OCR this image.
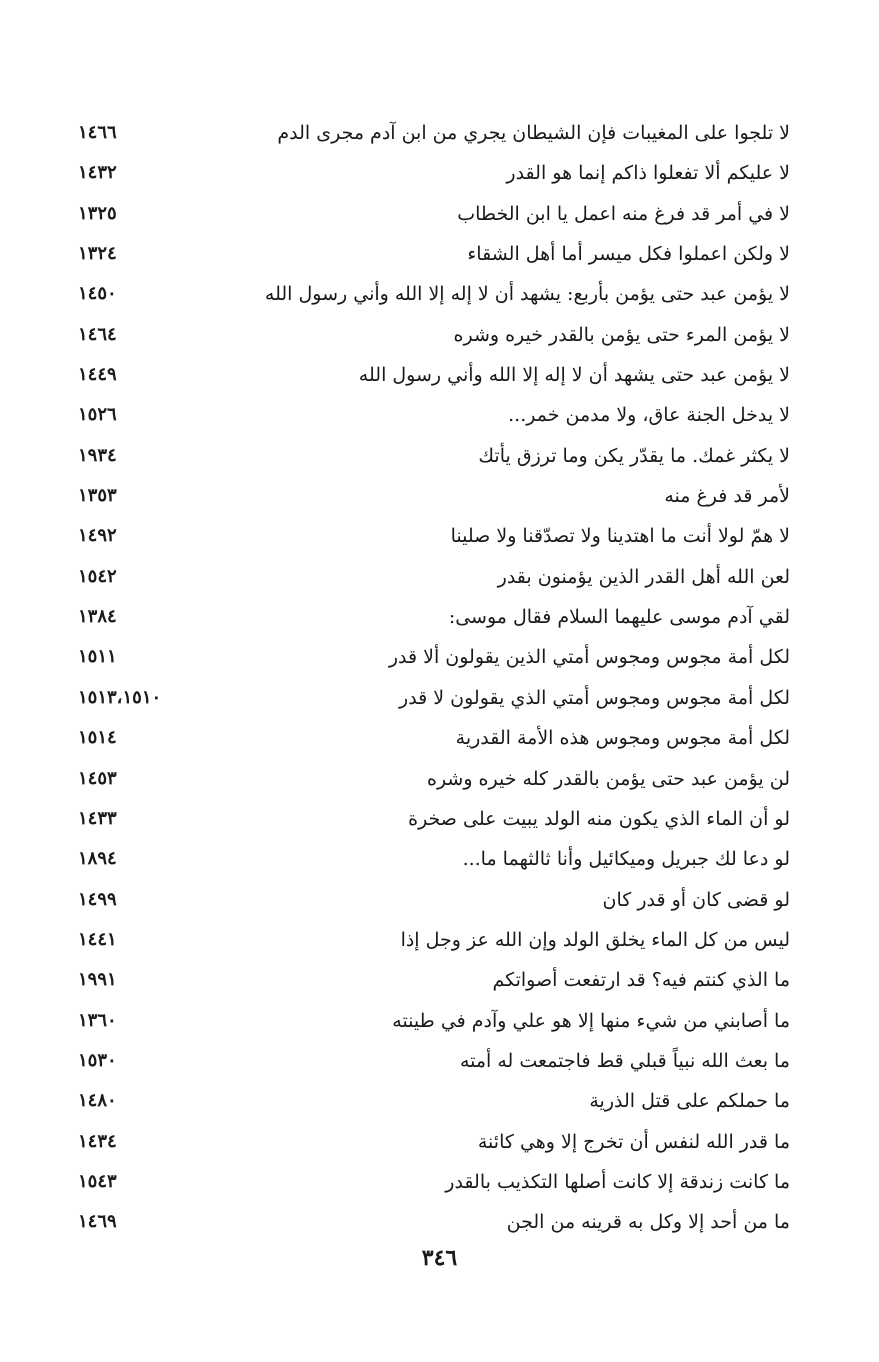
لا تلجوا على المغيبات فإن الشيطان يجري من ابن آدم مجرى الدم
١٤٦٦
لا عليكم ألا تفعلوا ذاكم إنما هو القدر
١٤٣٢
لا في أمر قد فرغ منه اعمل يا ابن الخطاب
١٣٢٥
لا ولكن اعملوا فكل ميسر أما أهل الشقاء
١٣٢٤
لا يؤمن عبد حتى يؤمن بأربع: يشهد أن لا إله إلا الله وأني رسول الله
١٤٥٠
لا يؤمن المرء حتى يؤمن بالقدر خيره وشره
١٤٦٤
لا يؤمن عبد حتى يشهد أن لا إله إلا الله وأني رسول الله
١٤٤٩
لا يدخل الجنة عاق، ولا مدمن خمر...
١٥٢٦
لا يكثر غمك. ما يقدّر يكن وما ترزق يأتك
١٩٣٤
لأمر قد فرغ منه
١٣٥٣
لا همّ لولا أنت ما اهتدينا ولا تصدّقنا ولا صلينا
١٤٩٢
لعن الله أهل القدر الذين يؤمنون بقدر
١٥٤٢
لقي آدم موسى عليهما السلام فقال موسى:
١٣٨٤
لكل أمة مجوس ومجوس أمتي الذين يقولون ألا قدر
١٥١١
لكل أمة مجوس ومجوس أمتي الذي يقولون لا قدر
١٥١٣،١٥١٠
لكل أمة مجوس ومجوس هذه الأمة القدرية
١٥١٤
لن يؤمن عبد حتى يؤمن بالقدر كله خيره وشره
١٤٥٣
لو أن الماء الذي يكون منه الولد يبيت على صخرة
١٤٣٣
لو دعا لك جبريل وميكائيل وأنا ثالثهما ما...
١٨٩٤
لو قضى كان أو قدر كان
١٤٩٩
ليس من كل الماء يخلق الولد وإن الله عز وجل إذا
١٤٤١
ما الذي كنتم فيه؟ قد ارتفعت أصواتكم
١٩٩١
ما أصابني من شيء منها إلا هو علي وآدم في طينته
١٣٦٠
ما بعث الله نبياً قبلي قط فاجتمعت له أمته
١٥٣٠
ما حملكم على قتل الذرية
١٤٨٠
ما قدر الله لنفس أن تخرج إلا وهي كائنة
١٤٣٤
ما كانت زندقة إلا كانت أصلها التكذيب بالقدر
١٥٤٣
ما من أحد إلا وكل به قرينه من الجن
١٤٦٩
٣٤٦
